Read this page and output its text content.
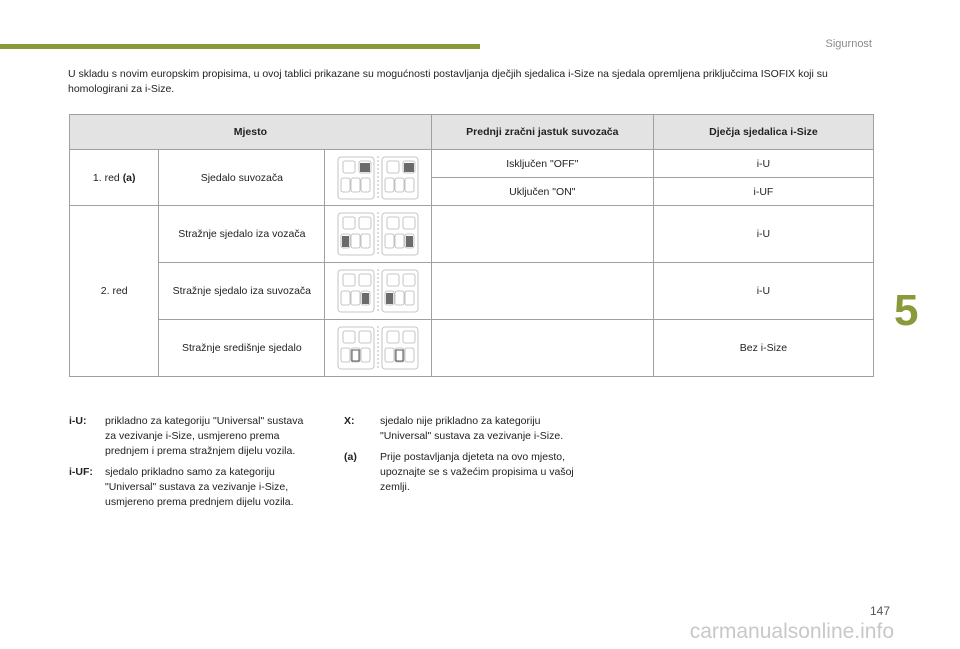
Sigurnost
5
U skladu s novim europskim propisima, u ovoj tablici prikazane su mogućnosti postavljanja dječjih sjedalica i-Size na sjedala opremljena priključcima ISOFIX koji su homologirani za i-Size.
Mjesto			Prednji zračni jastuk suvozača	Dječja sjedalica i-Size
1. red (a)	Sjedalo suvozača		Isključen "OFF"	i-U
			Uključen "ON"	i-UF
2. red	Stražnje sjedalo iza vozača			i-U
	Stražnje sjedalo iza suvozača			i-U
	Stražnje središnje sjedalo			Bez i-Size
i-U:	prikladno za kategoriju "Universal" sustava za vezivanje i-Size, usmjereno prema prednjem i prema stražnjem dijelu vozila.
i-UF:	sjedalo prikladno samo za kategoriju "Universal" sustava za vezivanje i-Size, usmjereno prema prednjem dijelu vozila.
X:	sjedalo nije prikladno za kategoriju "Universal" sustava za vezivanje i-Size.
(a)	Prije postavljanja djeteta na ovo mjesto, upoznajte se s važećim propisima u vašoj zemlji.
147
carmanualsonline.info
